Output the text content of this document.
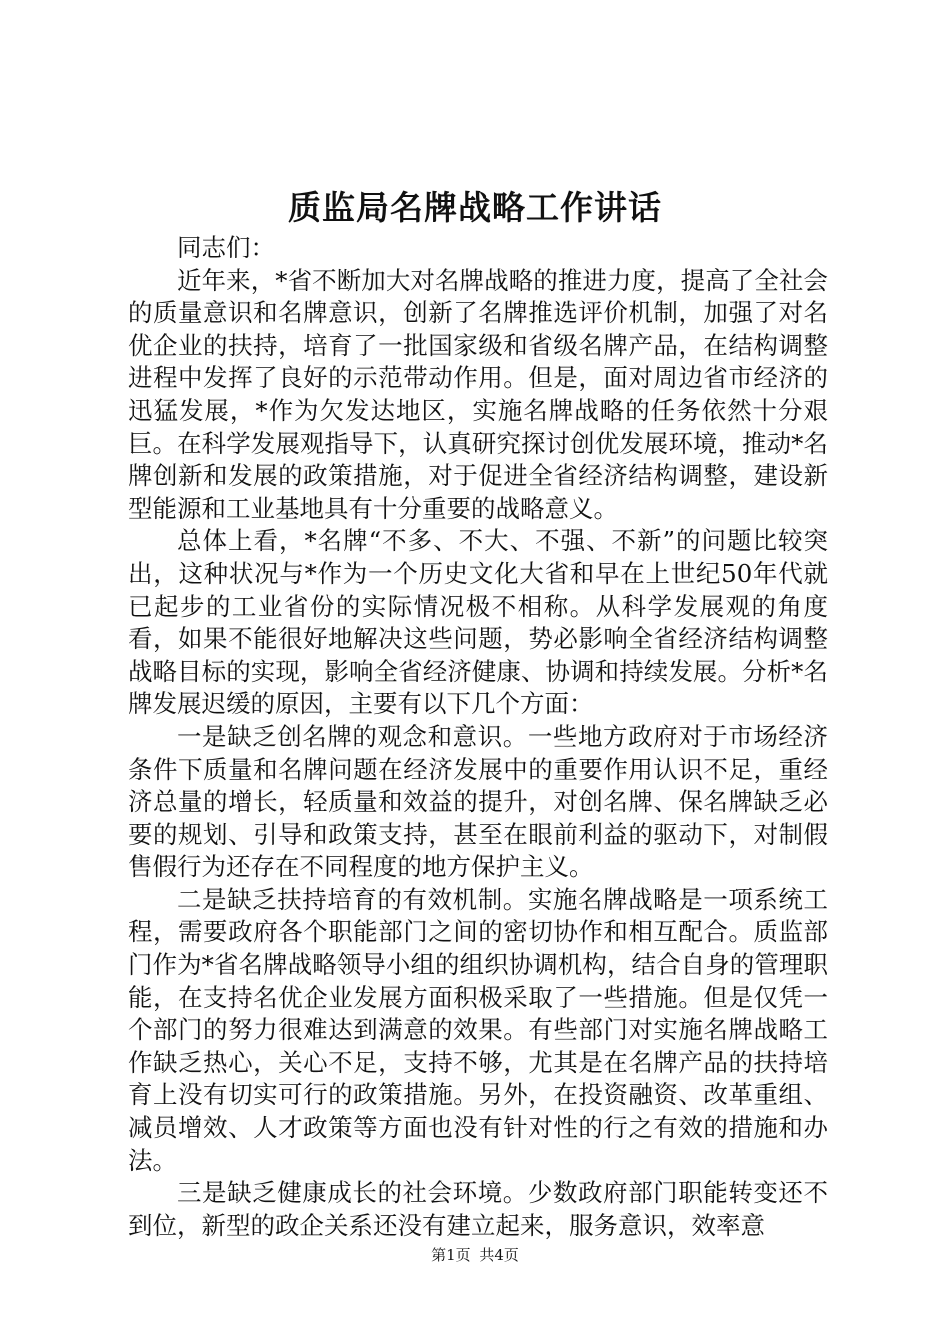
质监局名牌战略工作讲话

同志们：

近年来，*省不断加大对名牌战略的推进力度，提高了全社会的质量意识和名牌意识，创新了名牌推选评价机制，加强了对名优企业的扶持，培育了一批国家级和省级名牌产品，在结构调整进程中发挥了良好的示范带动作用。但是，面对周边省市经济的迅猛发展，*作为欠发达地区，实施名牌战略的任务依然十分艰巨。在科学发展观指导下，认真研究探讨创优发展环境，推动*名牌创新和发展的政策措施，对于促进全省经济结构调整，建设新型能源和工业基地具有十分重要的战略意义。

总体上看，*名牌“不多、不大、不强、不新”的问题比较突出，这种状况与*作为一个历史文化大省和早在上世纪50年代就已起步的工业省份的实际情况极不相称。从科学发展观的角度看，如果不能很好地解决这些问题，势必影响全省经济结构调整战略目标的实现，影响全省经济健康、协调和持续发展。分析*名牌发展迟缓的原因，主要有以下几个方面：

一是缺乏创名牌的观念和意识。一些地方政府对于市场经济条件下质量和名牌问题在经济发展中的重要作用认识不足，重经济总量的增长，轻质量和效益的提升，对创名牌、保名牌缺乏必要的规划、引导和政策支持，甚至在眼前利益的驱动下，对制假售假行为还存在不同程度的地方保护主义。

二是缺乏扶持培育的有效机制。实施名牌战略是一项系统工程，需要政府各个职能部门之间的密切协作和相互配合。质监部门作为*省名牌战略领导小组的组织协调机构，结合自身的管理职能，在支持名优企业发展方面积极采取了一些措施。但是仅凭一个部门的努力很难达到满意的效果。有些部门对实施名牌战略工作缺乏热心，关心不足，支持不够，尤其是在名牌产品的扶持培育上没有切实可行的政策措施。另外，在投资融资、改革重组、减员增效、人才政策等方面也没有针对性的行之有效的措施和办法。

三是缺乏健康成长的社会环境。少数政府部门职能转变还不到位，新型的政企关系还没有建立起来，服务意识，效率意

第1页 共4页
